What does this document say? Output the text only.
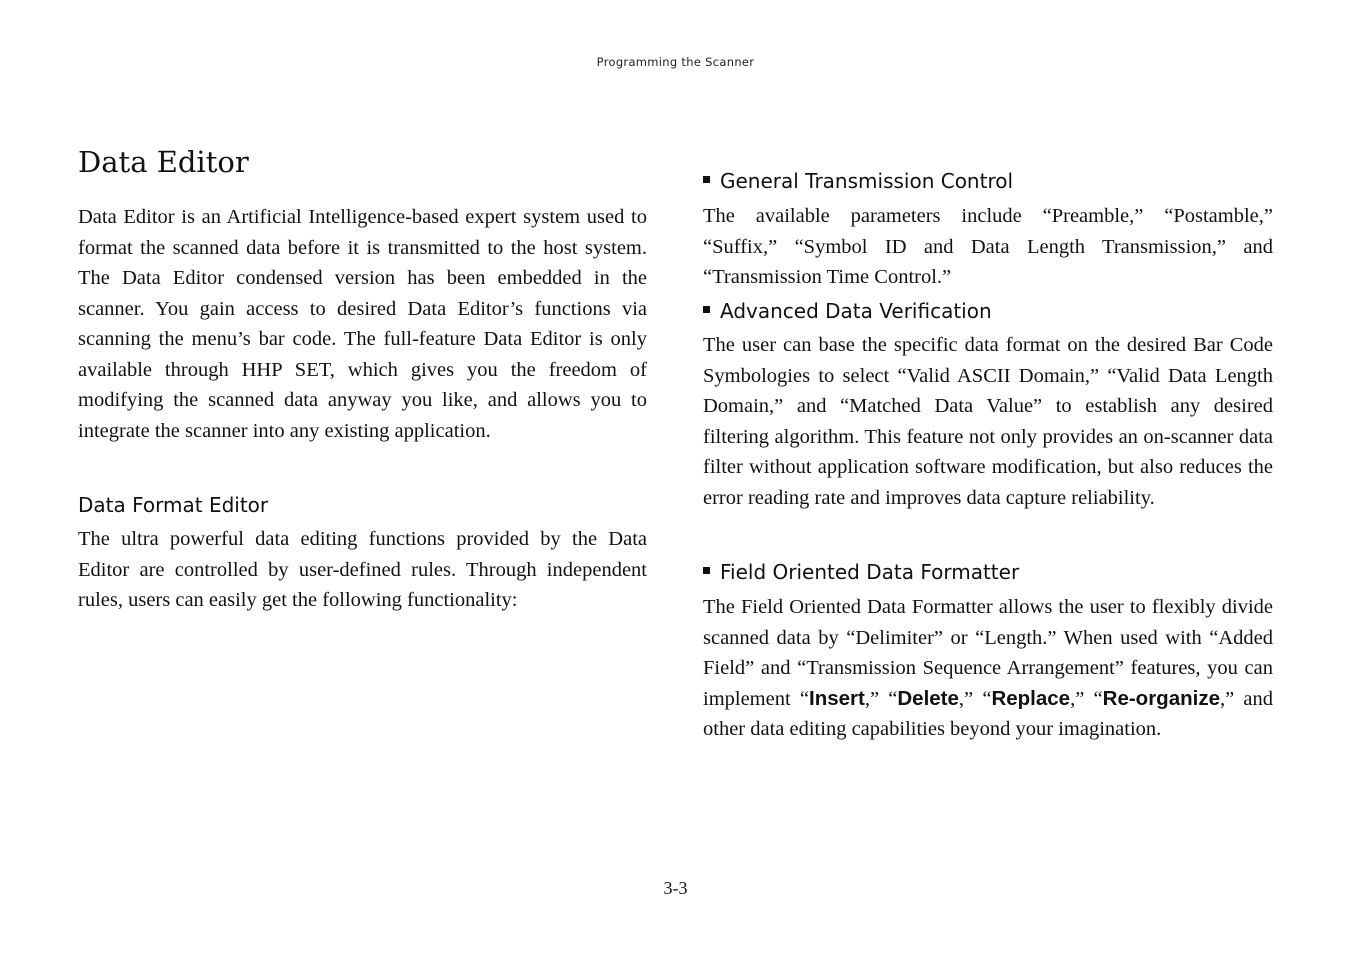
Programming the Scanner
Data Editor

Data Editor is an Artificial Intelligence-based expert system used to format the scanned data before it is transmitted to the host system. The Data Editor condensed version has been embedded in the scanner. You gain access to desired Data Editor’s functions via scanning the menu’s bar code. The full-feature Data Editor is only available through HHP SET, which gives you the freedom of modifying the scanned data anyway you like, and allows you to integrate the scanner into any existing application.

Data Format Editor

The ultra powerful data editing functions provided by the Data Editor are controlled by user-defined rules. Through independent rules, users can easily get the following functionality:

General Transmission Control

The available parameters include “Preamble,” “Postamble,” “Suffix,” “Symbol ID and Data Length Transmission,” and “Transmission Time Control.”

Advanced Data Verification

The user can base the specific data format on the desired Bar Code Symbologies to select “Valid ASCII Domain,” “Valid Data Length Domain,” and “Matched Data Value” to establish any desired filtering algorithm. This feature not only provides an on-scanner data filter without application software modification, but also reduces the error reading rate and improves data capture reliability.

Field Oriented Data Formatter

The Field Oriented Data Formatter allows the user to flexibly divide scanned data by “Delimiter” or “Length.” When used with “Added Field” and “Transmission Sequence Arrangement” features, you can implement “Insert,” “Delete,” “Replace,” “Re-organize,” and other data editing capabilities beyond your imagination.

3-3
